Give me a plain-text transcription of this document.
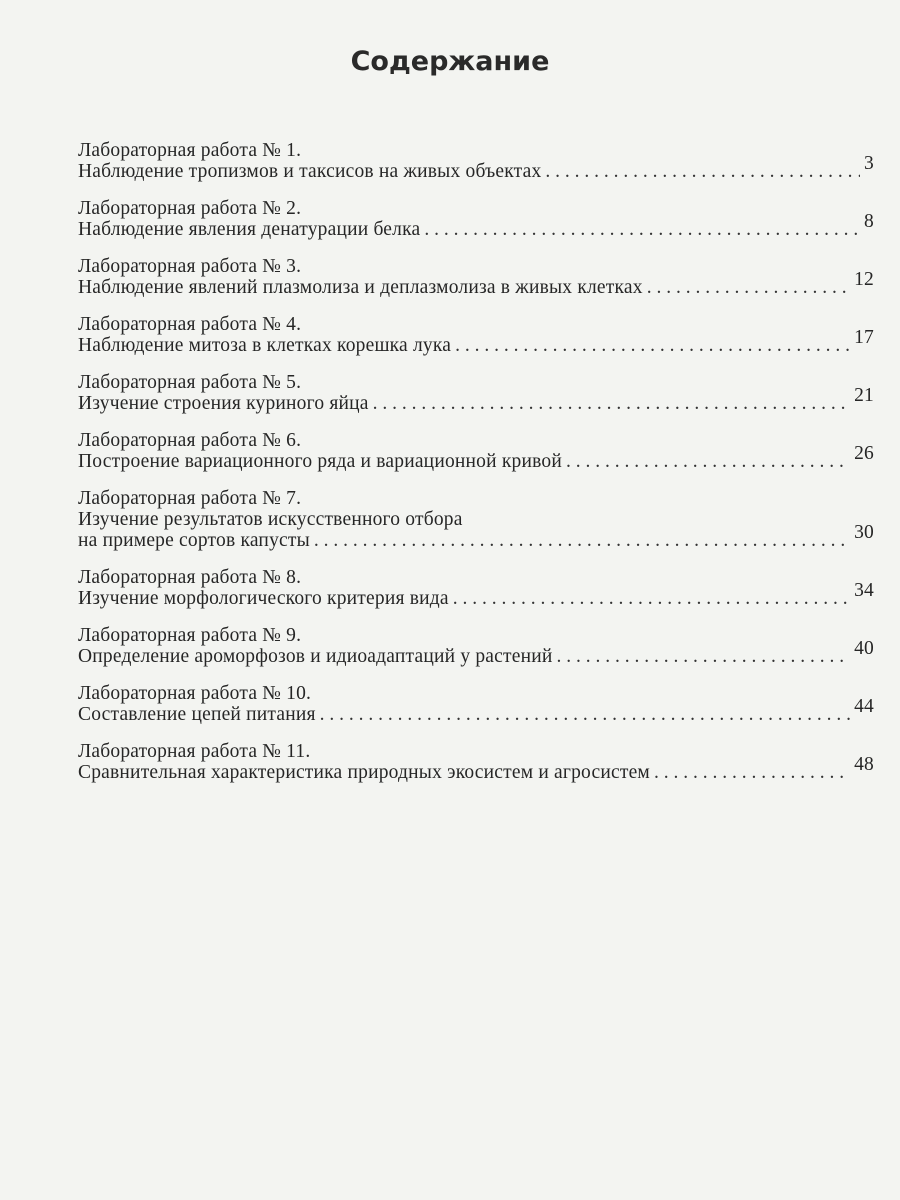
Содержание
Лабораторная работа № 1.
Наблюдение тропизмов и таксисов на живых объектах . . .	3
Лабораторная работа № 2.
Наблюдение явления денатурации белка . . .	8
Лабораторная работа № 3.
Наблюдение явлений плазмолиза и деплазмолиза в живых клетках . . .	12
Лабораторная работа № 4.
Наблюдение митоза в клетках корешка лука . . .	17
Лабораторная работа № 5.
Изучение строения куриного яйца . . .	21
Лабораторная работа № 6.
Построение вариационного ряда и вариационной кривой . . .	26
Лабораторная работа № 7.
Изучение результатов искусственного отбора
на примере сортов капусты . . .	30
Лабораторная работа № 8.
Изучение морфологического критерия вида . . .	34
Лабораторная работа № 9.
Определение ароморфозов и идиоадаптаций у растений . . .	40
Лабораторная работа № 10.
Составление цепей питания . . .	44
Лабораторная работа № 11.
Сравнительная характеристика природных экосистем и агросистем . . .	48
